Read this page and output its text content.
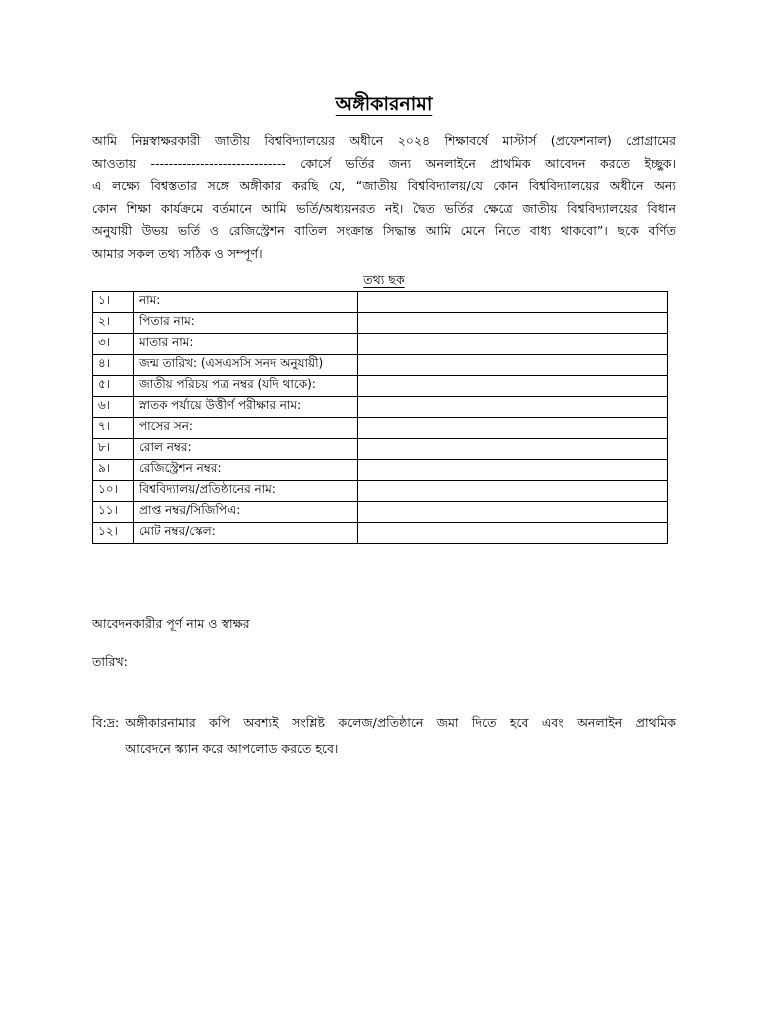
অঙ্গীকারনামা
আমি নিম্নস্বাক্ষরকারী জাতীয় বিশ্ববিদ্যালয়ের অধীনে ২০২৪ শিক্ষাবর্ষে মাস্টার্স (প্রফেশনাল) প্রোগ্রামের
আওতায় ------------------------------ কোর্সে ভর্তির জন্য অনলাইনে প্রাথমিক আবেদন করতে ইচ্ছুক।
এ লক্ষ্যে বিশ্বস্ততার সঙ্গে অঙ্গীকার করছি যে, “জাতীয় বিশ্ববিদ্যালয়/যে কোন বিশ্ববিদ্যালয়ের অধীনে অন্য
কোন শিক্ষা কার্যক্রমে বর্তমানে আমি ভর্তি/অধ্যয়নরত নই। দ্বৈত ভর্তির ক্ষেত্রে জাতীয় বিশ্ববিদ্যালয়ের বিধান
অনুযায়ী উভয় ভর্তি ও রেজিস্ট্রেশন বাতিল সংক্রান্ত সিদ্ধান্ত আমি মেনে নিতে বাধ্য থাকবো”। ছকে বর্ণিত
আমার সকল তথ্য সঠিক ও সম্পূর্ণ।
তথ্য ছক
১।	নাম:	
২।	পিতার নাম:	
৩।	মাতার নাম:	
৪।	জন্ম তারিখ: (এসএসসি সনদ অনুযায়ী)	
৫।	জাতীয় পরিচয় পত্র নম্বর (যদি থাকে):	
৬।	স্নাতক পর্যায়ে উত্তীর্ণ পরীক্ষার নাম:	
৭।	পাসের সন:	
৮।	রোল নম্বর:	
৯।	রেজিস্ট্রেশন নম্বর:	
১০।	বিশ্ববিদ্যালয়/প্রতিষ্ঠানের নাম:	
১১।	প্রাপ্ত নম্বর/সিজিপিএ:	
১২।	মোট নম্বর/স্কেল:	
আবেদনকারীর পূর্ণ নাম ও স্বাক্ষর
তারিখ:
বি:দ্র: অঙ্গীকারনামার কপি অবশ্যই সংশ্লিষ্ট কলেজ/প্রতিষ্ঠানে জমা দিতে হবে এবং অনলাইন প্রাথমিক
আবেদনে স্ক্যান করে আপলোড করতে হবে।
